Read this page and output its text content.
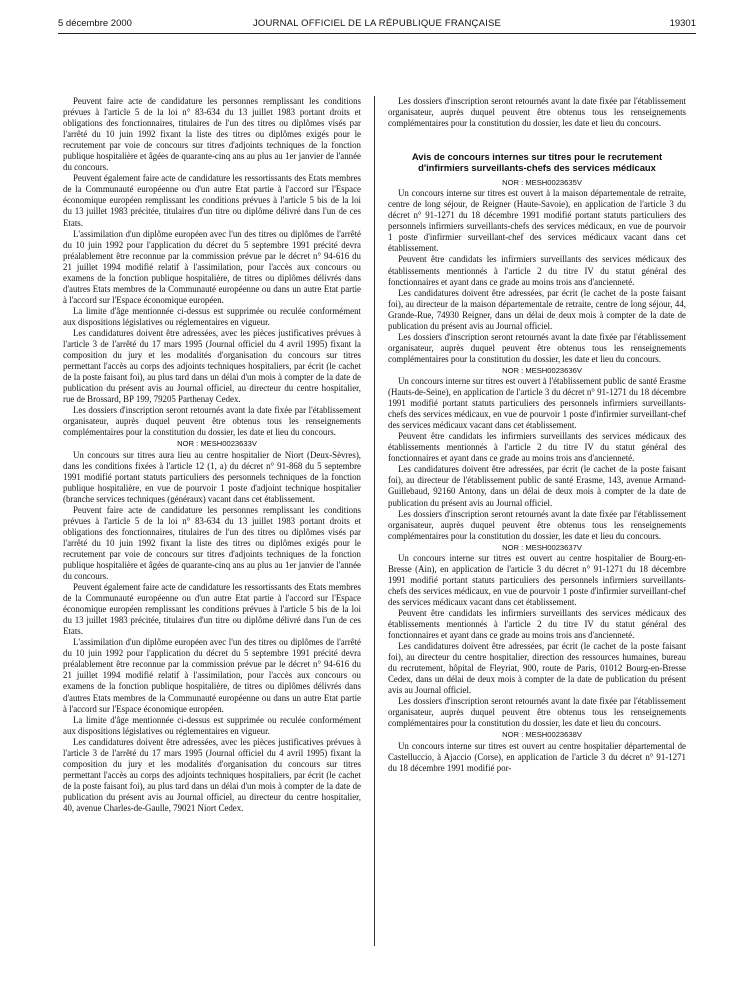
5 décembre 2000	JOURNAL OFFICIEL DE LA RÉPUBLIQUE FRANÇAISE	19301

Peuvent faire acte de candidature les personnes remplissant les conditions prévues à l'article 5 de la loi n° 83-634 du 13 juillet 1983 portant droits et obligations des fonctionnaires, titulaires de l'un des titres ou diplômes visés par l'arrêté du 10 juin 1992 fixant la liste des titres ou diplômes exigés pour le recrutement par voie de concours sur titres d'adjoints techniques de la fonction publique hospitalière et âgées de quarante-cinq ans au plus au 1er janvier de l'année du concours.

Peuvent également faire acte de candidature les ressortissants des Etats membres de la Communauté européenne ou d'un autre Etat partie à l'accord sur l'Espace économique européen remplissant les conditions prévues à l'article 5 bis de la loi du 13 juillet 1983 précitée, titulaires d'un titre ou diplôme délivré dans l'un de ces Etats.

L'assimilation d'un diplôme européen avec l'un des titres ou diplômes de l'arrêté du 10 juin 1992 pour l'application du décret du 5 septembre 1991 précité devra préalablement être reconnue par la commission prévue par le décret n° 94-616 du 21 juillet 1994 modifié relatif à l'assimilation, pour l'accès aux concours ou examens de la fonction publique hospitalière, de titres ou diplômes délivrés dans d'autres Etats membres de la Communauté européenne ou dans un autre Etat partie à l'accord sur l'Espace économique européen.

La limite d'âge mentionnée ci-dessus est supprimée ou reculée conformément aux dispositions législatives ou réglementaires en vigueur.

Les candidatures doivent être adressées, avec les pièces justificatives prévues à l'article 3 de l'arrêté du 17 mars 1995 (Journal officiel du 4 avril 1995) fixant la composition du jury et les modalités d'organisation du concours sur titres permettant l'accès au corps des adjoints techniques hospitaliers, par écrit (le cachet de la poste faisant foi), au plus tard dans un délai d'un mois à compter de la date de publication du présent avis au Journal officiel, au directeur du centre hospitalier, rue de Brossard, BP 199, 79205 Parthenay Cedex.

Les dossiers d'inscription seront retournés avant la date fixée par l'établissement organisateur, auprès duquel peuvent être obtenus tous les renseignements complémentaires pour la constitution du dossier, les date et lieu du concours.

NOR : MESH0023633V

Un concours sur titres aura lieu au centre hospitalier de Niort (Deux-Sèvres), dans les conditions fixées à l'article 12 (1, a) du décret n° 91-868 du 5 septembre 1991 modifié portant statuts particuliers des personnels techniques de la fonction publique hospitalière, en vue de pourvoir 1 poste d'adjoint technique hospitalier (branche services techniques (généraux) vacant dans cet établissement.

Peuvent faire acte de candidature les personnes remplissant les conditions prévues à l'article 5 de la loi n° 83-634 du 13 juillet 1983 portant droits et obligations des fonctionnaires, titulaires de l'un des titres ou diplômes visés par l'arrêté du 10 juin 1992 fixant la liste des titres ou diplômes exigés pour le recrutement par voie de concours sur titres d'adjoints techniques de la fonction publique hospitalière et âgées de quarante-cinq ans au plus au 1er janvier de l'année du concours.

Peuvent également faire acte de candidature les ressortissants des Etats membres de la Communauté européenne ou d'un autre Etat partie à l'accord sur l'Espace économique européen remplissant les conditions prévues à l'article 5 bis de la loi du 13 juillet 1983 précitée, titulaires d'un titre ou diplôme délivré dans l'un de ces Etats.

L'assimilation d'un diplôme européen avec l'un des titres ou diplômes de l'arrêté du 10 juin 1992 pour l'application du décret du 5 septembre 1991 précité devra préalablement être reconnue par la commission prévue par le décret n° 94-616 du 21 juillet 1994 modifié relatif à l'assimilation, pour l'accès aux concours ou examens de la fonction publique hospitalière, de titres ou diplômes délivrés dans d'autres Etats membres de la Communauté européenne ou dans un autre Etat partie à l'accord sur l'Espace économique européen.

La limite d'âge mentionnée ci-dessus est supprimée ou reculée conformément aux dispositions législatives ou réglementaires en vigueur.

Les candidatures doivent être adressées, avec les pièces justificatives prévues à l'article 3 de l'arrêté du 17 mars 1995 (Journal officiel du 4 avril 1995) fixant la composition du jury et les modalités d'organisation du concours sur titres permettant l'accès au corps des adjoints techniques hospitaliers, par écrit (le cachet de la poste faisant foi), au plus tard dans un délai d'un mois à compter de la date de publication du présent avis au Journal officiel, au directeur du centre hospitalier, 40, avenue Charles-de-Gaulle, 79021 Niort Cedex.

Les dossiers d'inscription seront retournés avant la date fixée par l'établissement organisateur, auprès duquel peuvent être obtenus tous les renseignements complémentaires pour la constitution du dossier, les date et lieu du concours.

Avis de concours internes sur titres pour le recrutement d'infirmiers surveillants-chefs des services médicaux

NOR : MESH0023635V

Un concours interne sur titres est ouvert à la maison départementale de retraite, centre de long séjour, de Reigner (Haute-Savoie), en application de l'article 3 du décret n° 91-1271 du 18 décembre 1991 modifié portant statuts particuliers des personnels infirmiers surveillants-chefs des services médicaux, en vue de pourvoir 1 poste d'infirmier surveillant-chef des services médicaux vacant dans cet établissement.

Peuvent être candidats les infirmiers surveillants des services médicaux des établissements mentionnés à l'article 2 du titre IV du statut général des fonctionnaires et ayant dans ce grade au moins trois ans d'ancienneté.

Les candidatures doivent être adressées, par écrit (le cachet de la poste faisant foi), au directeur de la maison départementale de retraite, centre de long séjour, 44, Grande-Rue, 74930 Reigner, dans un délai de deux mois à compter de la date de publication du présent avis au Journal officiel.

Les dossiers d'inscription seront retournés avant la date fixée par l'établissement organisateur, auprès duquel peuvent être obtenus tous les renseignements complémentaires pour la constitution du dossier, les date et lieu du concours.

NOR : MESH0023636V

Un concours interne sur titres est ouvert à l'établissement public de santé Erasme (Hauts-de-Seine), en application de l'article 3 du décret n° 91-1271 du 18 décembre 1991 modifié portant statuts particuliers des personnels infirmiers surveillants-chefs des services médicaux, en vue de pourvoir 1 poste d'infirmier surveillant-chef des services médicaux vacant dans cet établissement.

Peuvent être candidats les infirmiers surveillants des services médicaux des établissements mentionnés à l'article 2 du titre IV du statut général des fonctionnaires et ayant dans ce grade au moins trois ans d'ancienneté.

Les candidatures doivent être adressées, par écrit (le cachet de la poste faisant foi), au directeur de l'établissement public de santé Erasme, 143, avenue Armand-Guillebaud, 92160 Antony, dans un délai de deux mois à compter de la date de publication du présent avis au Journal officiel.

Les dossiers d'inscription seront retournés avant la date fixée par l'établissement organisateur, auprès duquel peuvent être obtenus tous les renseignements complémentaires pour la constitution du dossier, les date et lieu du concours.

NOR : MESH0023637V

Un concours interne sur titres est ouvert au centre hospitalier de Bourg-en-Bresse (Ain), en application de l'article 3 du décret n° 91-1271 du 18 décembre 1991 modifié portant statuts particuliers des personnels infirmiers surveillants-chefs des services médicaux, en vue de pourvoir 1 poste d'infirmier surveillant-chef des services médicaux vacant dans cet établissement.

Peuvent être candidats les infirmiers surveillants des services médicaux des établissements mentionnés à l'article 2 du titre IV du statut général des fonctionnaires et ayant dans ce grade au moins trois ans d'ancienneté.

Les candidatures doivent être adressées, par écrit (le cachet de la poste faisant foi), au directeur du centre hospitalier, direction des ressources humaines, bureau du recrutement, hôpital de Fleyriat, 900, route de Paris, 01012 Bourg-en-Bresse Cedex, dans un délai de deux mois à compter de la date de publication du présent avis au Journal officiel.

Les dossiers d'inscription seront retournés avant la date fixée par l'établissement organisateur, auprès duquel peuvent être obtenus tous les renseignements complémentaires pour la constitution du dossier, les date et lieu du concours.

NOR : MESH0023638V

Un concours interne sur titres est ouvert au centre hospitalier départemental de Castelluccio, à Ajaccio (Corse), en application de l'article 3 du décret n° 91-1271 du 18 décembre 1991 modifié por-
